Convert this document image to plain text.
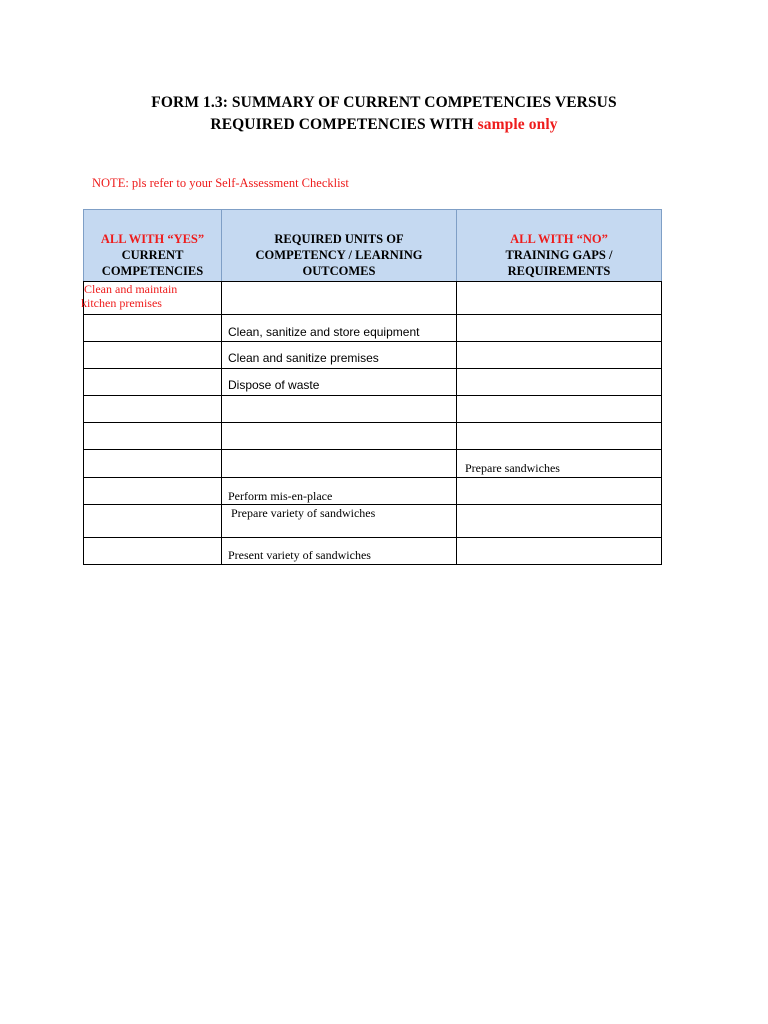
FORM 1.3: SUMMARY OF CURRENT COMPETENCIES VERSUS
REQUIRED COMPETENCIES WITH sample only
NOTE: pls refer to your Self-Assessment Checklist
ALL WITH “YES”
CURRENT
COMPETENCIES	REQUIRED UNITS OF
COMPETENCY / LEARNING
OUTCOMES	ALL WITH “NO”
TRAINING GAPS /
REQUIREMENTS

Clean and maintain
kitchen premises		

	Clean, sanitize and store equipment	
	Clean and sanitize premises	
	Dispose of waste	

		Prepare sandwiches
	Perform mis-en-place	
	Prepare variety of sandwiches	
	Present variety of sandwiches	
